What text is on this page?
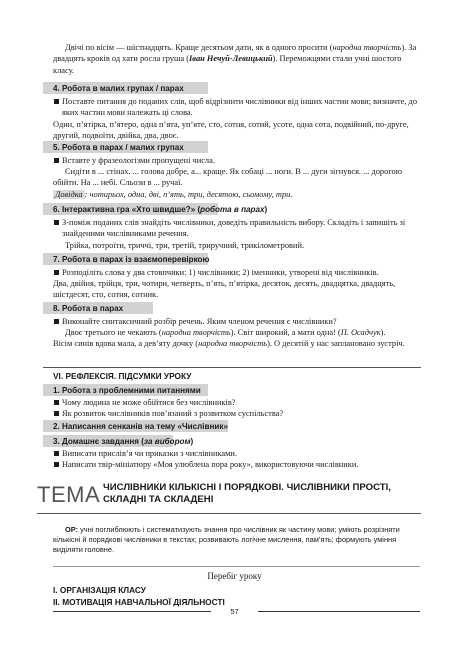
Двічі по вісім — шістнадцять. Краще десятьом дати, як в одного просити (народна творчість). За двадцять кроків од хати росла груша (Іван Нечуй-Левицький). Переможцями стали учні шостого класу.

4. Робота в малих групах / парах
Поставте питання до поданих слів, щоб відрізнити числівники від інших частин мови; визначте, до яких частин мови належать ці слова.
Один, п’ятірка, п’ятеро, одна п’ята, уп’яте, сто, сотня, сотий, усоте, одна сота, подвійний, по-друге, другий, подвоїти, двійка, два, двоє.
5. Робота в парах / малих групах
Вставте у фразеологізми пропущені числа.
Сидіти в ... стінах. ... голова добре, а... краще. Як собаці ... ноги. В ... дуги зігнувся. ... дорогою обійти. На ... небі. Сльози в ... ручаї.
Довідка : чотирьох, одна, дві, п’ять, три, десятою, сьомому, три.
6. Інтерактивна гра «Хто швидше?» (робота в парах)
З-поміж поданих слів знайдіть числівники, доведіть правильність вибору. Складіть і запишіть зі знайденими числівниками речення.
Трійка, потроїти, триччі, три, третій, триручний, трикілометровий.
7. Робота в парах із взаємоперевіркою
Розподіліть слова у два стовпчики: 1) числівники; 2) іменники, утворені від числівників.
Два, двійня, трійця, три, чотири, четверть, п’ять, п’ятірка, десяток, десять, двадцятка, двадцять, шістдесят, сто, сотня, сотник.
8. Робота в парах
Виконайте синтаксичний розбір речень. Яким членом речення є числівники?
Двоє третього не чекають (народна творчість). Світ широкий, а мати одна! (П. Осадчук).
Вісім синів вдова мала, а дев’яту дочку (народна творчість). О десятій у нас заплановано зустріч.
VI. РЕФЛЕКСІЯ. ПІДСУМКИ УРОКУ
1. Робота з проблемними питаннями
Чому людина не може обійтися без числівників?
Як розвиток числівників пов’язаний з розвитком суспільства?
2. Написання сенканів на тему «Числівник»
3. Домашнє завдання (за вибором)
Виписати прислів’я чи приказки з числівниками.
Написати твір-мініатюру «Моя улюблена пора року», використовуючи числівники.
ТЕМА ЧИСЛІВНИКИ КІЛЬКІСНІ І ПОРЯДКОВІ. ЧИСЛІВНИКИ ПРОСТІ, СКЛАДНІ ТА СКЛАДЕНІ
ОР: учні поглиблюють і систематизують знання про числівник як частину мови; уміють розрізняти кількісні й порядкові числівники в текстах; розвивають логічне мислення, пам’ять; формують уміння виділяти головне.
Перебіг уроку
I. ОРГАНІЗАЦІЯ КЛАСУ
II. МОТИВАЦІЯ НАВЧАЛЬНОЇ ДІЯЛЬНОСТІ
57
